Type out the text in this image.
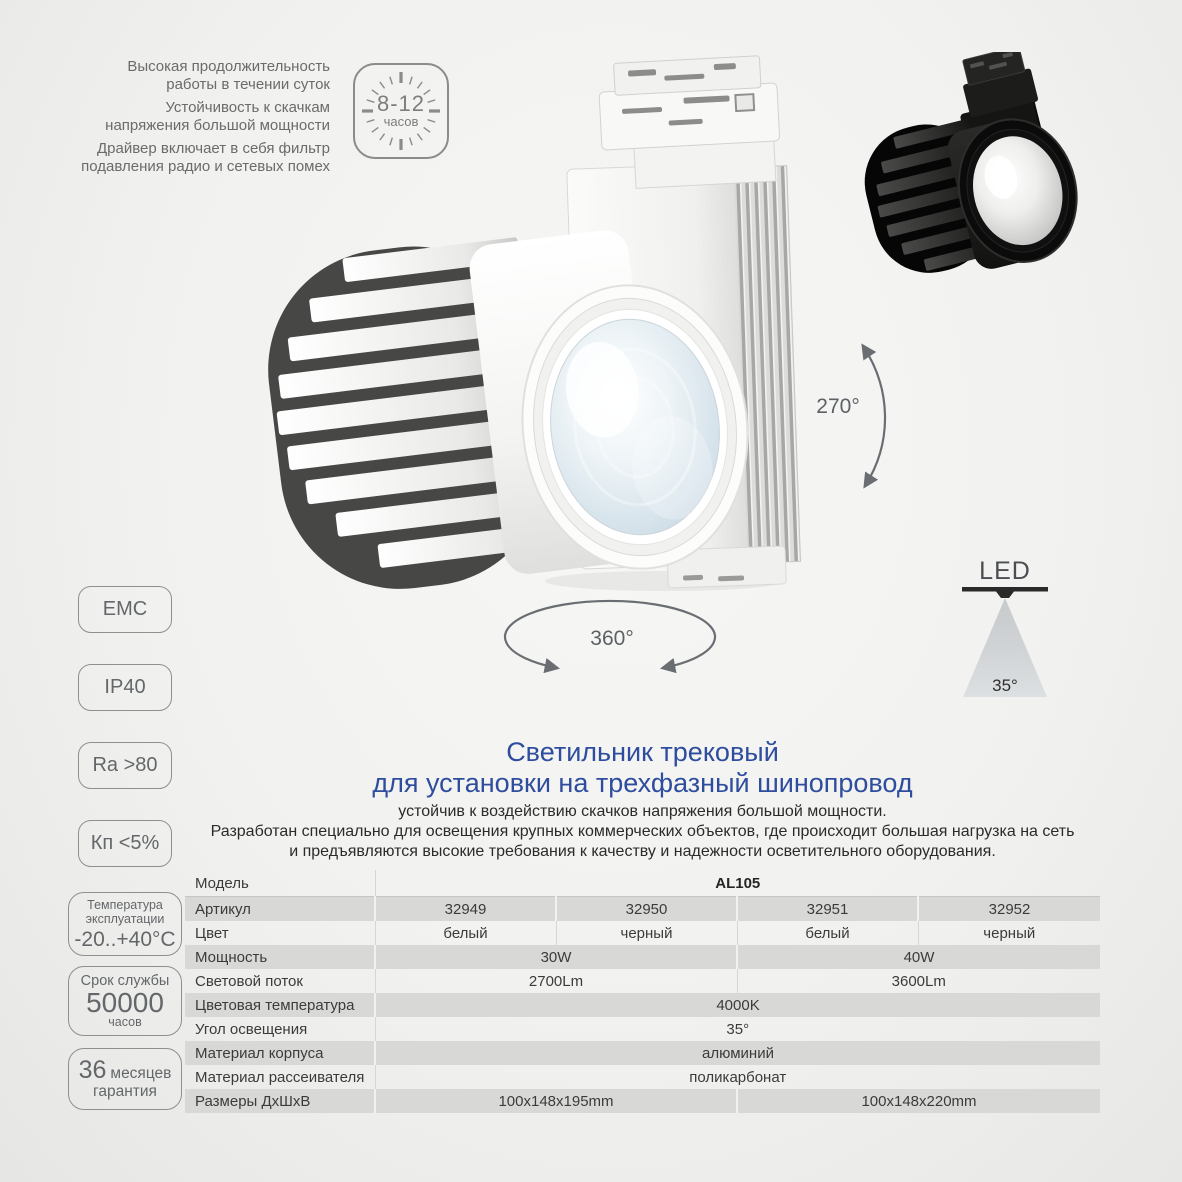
Высокая продолжительность
работы в течении суток
Устойчивость к скачкам
напряжения большой мощности
Драйвер включает в себя фильтр
подавления радио и сетевых помех
8-12
часов
270°
360°
LED
35°
EMC
IP40
Ra >80
Кп <5%
Температура
эксплуатации
-20..+40°C
Срок службы
50000
часов
36 месяцев
гарантия
Светильник трековый
для установки на трехфазный шинопровод
устойчив к воздействию скачков напряжения большой мощности.
Разработан специально для освещения крупных коммерческих объектов, где происходит большая нагрузка на сеть
и предъявляются высокие требования к качеству и надежности осветительного оборудования.
Модель	AL105			
Артикул	32949	32950	32951	32952
Цвет	белый	черный	белый	черный
Мощность	30W		40W	
Световой поток	2700Lm		3600Lm	
Цветовая температура	4000K			
Угол освещения	35°			
Материал корпуса	алюминий			
Материал рассеивателя	поликарбонат			
Размеры ДхШхВ	100x148x195mm		100x148x220mm	
